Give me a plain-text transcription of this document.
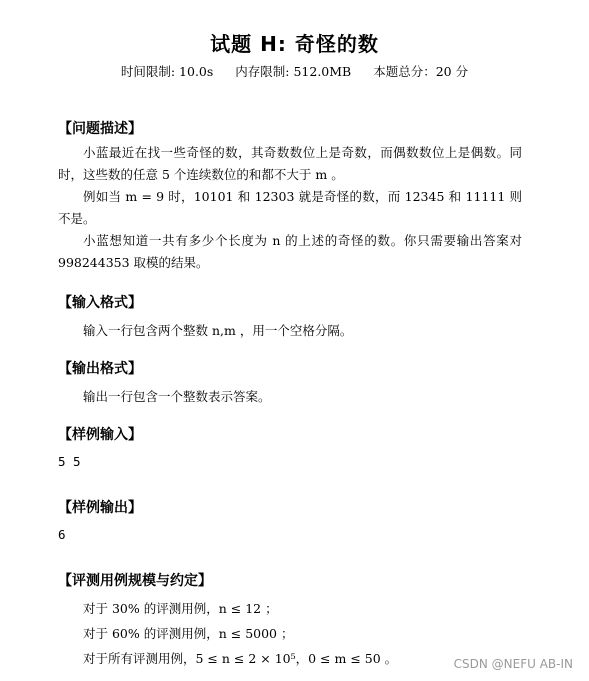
试题 H: 奇怪的数
时间限制: 10.0s 内存限制: 512.0MB 本题总分：20 分
【问题描述】
小蓝最近在找一些奇怪的数，其奇数数位上是奇数，而偶数数位上是偶数。同时，这些数的任意 5 个连续数位的和都不大于 m 。
例如当 m = 9 时，10101 和 12303 就是奇怪的数，而 12345 和 11111 则不是。
小蓝想知道一共有多少个长度为 n 的上述的奇怪的数。你只需要输出答案对 998244353 取模的结果。
【输入格式】
输入一行包含两个整数 n,m ，用一个空格分隔。
【输出格式】
输出一行包含一个整数表示答案。
【样例输入】
5 5
【样例输出】
6
【评测用例规模与约定】
对于 30% 的评测用例，n ≤ 12 ；
对于 60% 的评测用例，n ≤ 5000 ；
对于所有评测用例，5 ≤ n ≤ 2 × 10⁵，0 ≤ m ≤ 50 。	CSDN @NEFU AB-IN
